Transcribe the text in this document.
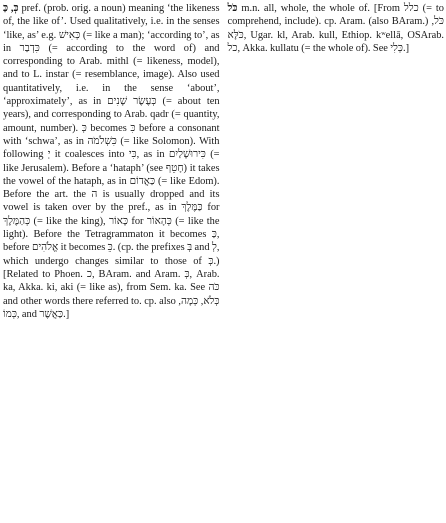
כְּ, כַּ pref. (prob. orig. a noun) meaning ‘the likeness of, the like of’. Used qualitatively, i.e. in the senses ‘like, as’ e.g. כְּאִישׁ (= like a man); ‘according to’, as in כִּדְבַר (= according to the word of) and corresponding to Arab. mithl (= likeness, model), and to L. instar (= resemblance, image). Also used quantitatively, i.e. in the sense ‘about’, ‘approximately’, as in כְּעֶשֶׂר שָׁנִים (= about ten years), and corresponding to Arab. qadr (= quantity, amount, number). כְּ becomes כִּ before a consonant with ‘schwa’, as in כִּשְׁלֹמֹה (= like Solomon). With following יְ it coalesces into כִּי, as in כִּירוּשָׁלַיִם (= like Jerusalem). Before a ‘hataph’ (see חָטֵף) it takes the vowel of the hataph, as in כַּאֲדוֹם (= like Edom). Before the art. the ה is usually dropped and its vowel is taken over by the pref., as in כַּמֶּלֶךְ for כְּהַמֶּלֶךְ (= like the king), כָּאוֹר for כְּהָאוֹר (= like the light). Before the Tetragrammaton it becomes כַּ, before אֱלֹהִים it becomes כֵּ. (cp. the prefixes בְּ and לְ, which undergo changes similar to those of כְּ.) [Related to Phoen. כ, BAram. and Aram. כְּ, Arab. ka, Akka. ki, aki (= like as), from Sem. ka. See כֹּה and other words there referred to. cp. also כְּלֹא, כְּמָה, כְּמוֹ, and כַּאֲשֶׁר.]

כֹּל m.n. all, whole, the whole of. [From כלל (= to comprehend, include). cp. Aram. (also BAram.) כֹּל, כֹּלָּא, Ugar. kl, Arab. kull, Ethiop. kʷellā, OSArab. כל, Akka. kullatu (= the whole of). See כְּלִי.]
